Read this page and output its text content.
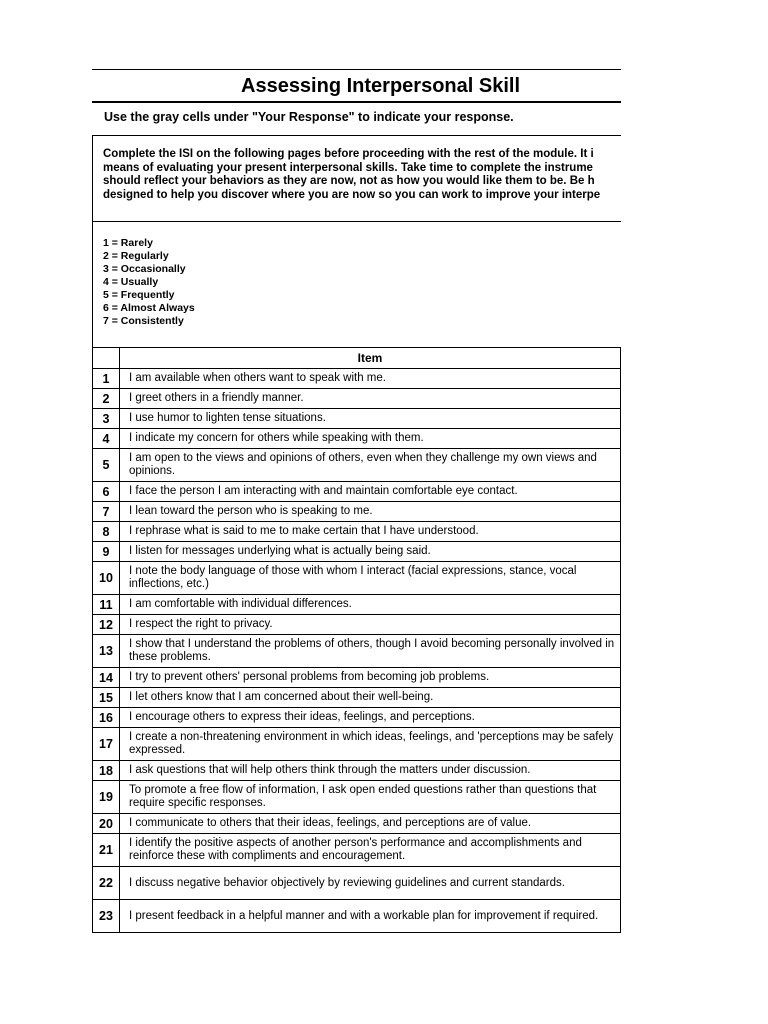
Assessing Interpersonal Skill
Use the gray cells under "Your Response" to indicate your response.
Complete the ISI on the following pages before proceeding with the rest of the module. It i
means of evaluating your present interpersonal skills. Take time to complete the instrume
should reflect your behaviors as they are now, not as how you would like them to be. Be h
designed to help you discover where you are now so you can work to improve your interpe
1 = Rarely
2 = Regularly
3 = Occasionally
4 = Usually
5 = Frequently
6 = Almost Always
7 = Consistently
	Item
1	I am available when others want to speak with me.

2	I greet others in a friendly manner.

3	I use humor to lighten tense situations.

4	I indicate my concern for others while speaking with them.

5	I am open to the views and opinions of others, even when they challenge my own views and opinions.

6	I face the person I am interacting with and maintain comfortable eye contact.

7	I lean toward the person who is speaking to me.

8	I rephrase what is said to me to make certain that I have understood.

9	I listen for messages underlying what is actually being said.

10	I note the body language of those with whom I interact (facial expressions, stance, vocal inflections, etc.)

11	I am comfortable with individual differences.

12	I respect the right to privacy.

13	I show that I understand the problems of others, though I avoid becoming personally involved in these problems.

14	I try to prevent others' personal problems from becoming job problems.

15	I let others know that I am concerned about their well-being.

16	I encourage others to express their ideas, feelings, and perceptions.

17	I create a non-threatening environment in which ideas, feelings, and 'perceptions may be safely expressed.

18	I ask questions that will help others think through the matters under discussion.

19	To promote a free flow of information, I ask open ended questions rather than questions that require specific responses.

20	I communicate to others that their ideas, feelings, and perceptions are of value.

21	I identify the positive aspects of another person's performance and accomplishments and reinforce these with compliments and encouragement.

22	I discuss negative behavior objectively by reviewing guidelines and current standards.

23	I present feedback in a helpful manner and with a workable plan for improvement if required.
